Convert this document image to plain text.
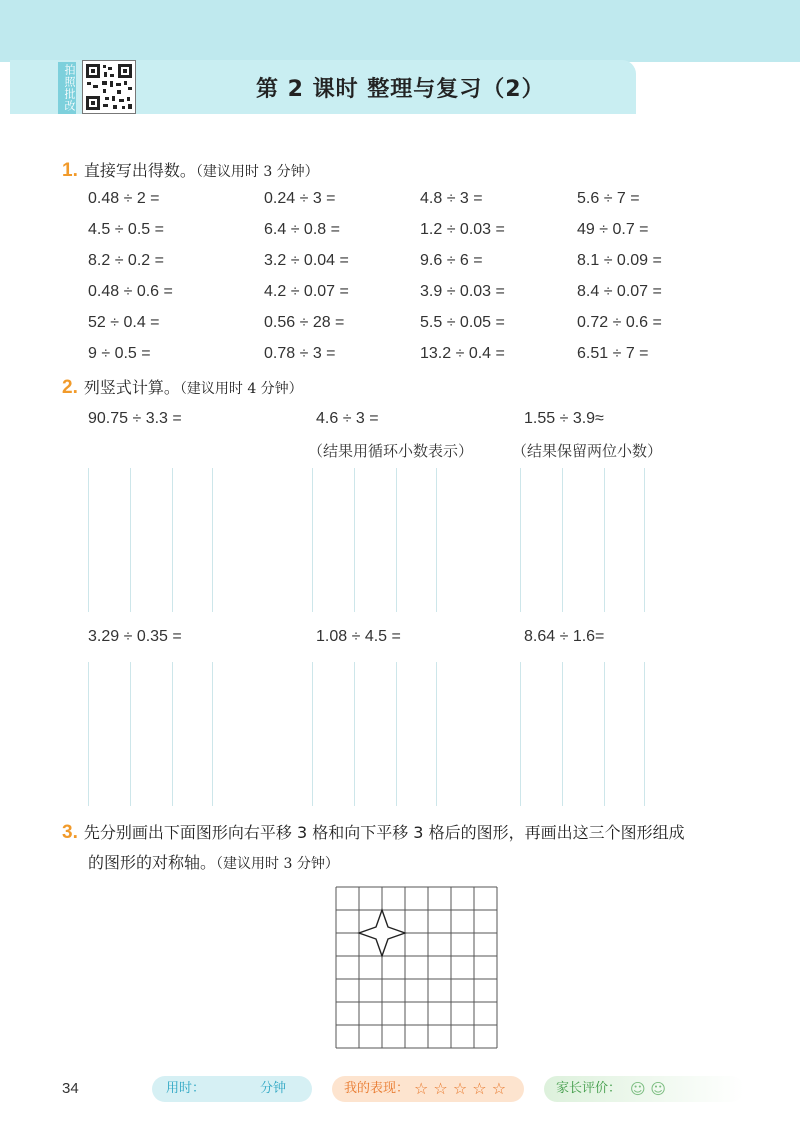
拍照批改	第 2 课时 整理与复习（2）
1. 直接写出得数。（建议用时 3 分钟）
0.48 ÷ 2 =	0.24 ÷ 3 =	4.8 ÷ 3 =	5.6 ÷ 7 =
4.5 ÷ 0.5 =	6.4 ÷ 0.8 =	1.2 ÷ 0.03 =	49 ÷ 0.7 =
8.2 ÷ 0.2 =	3.2 ÷ 0.04 =	9.6 ÷ 6 =	8.1 ÷ 0.09 =
0.48 ÷ 0.6 =	4.2 ÷ 0.07 =	3.9 ÷ 0.03 =	8.4 ÷ 0.07 =
52 ÷ 0.4 =	0.56 ÷ 28 =	5.5 ÷ 0.05 =	0.72 ÷ 0.6 =
9 ÷ 0.5 =	0.78 ÷ 3 =	13.2 ÷ 0.4 =	6.51 ÷ 7 =
2. 列竖式计算。（建议用时 4 分钟）
90.75 ÷ 3.3 =	4.6 ÷ 3 =	1.55 ÷ 3.9≈
（结果用循环小数表示）	（结果保留两位小数）
3.29 ÷ 0.35 =	1.08 ÷ 4.5 =	8.64 ÷ 1.6=
3. 先分别画出下面图形向右平移 3 格和向下平移 3 格后的图形，再画出这三个图形组成
的图形的对称轴。（建议用时 3 分钟）
34	用时：	分钟	我的表现： ☆ ☆ ☆ ☆ ☆	家长评价： ☺ ☺
